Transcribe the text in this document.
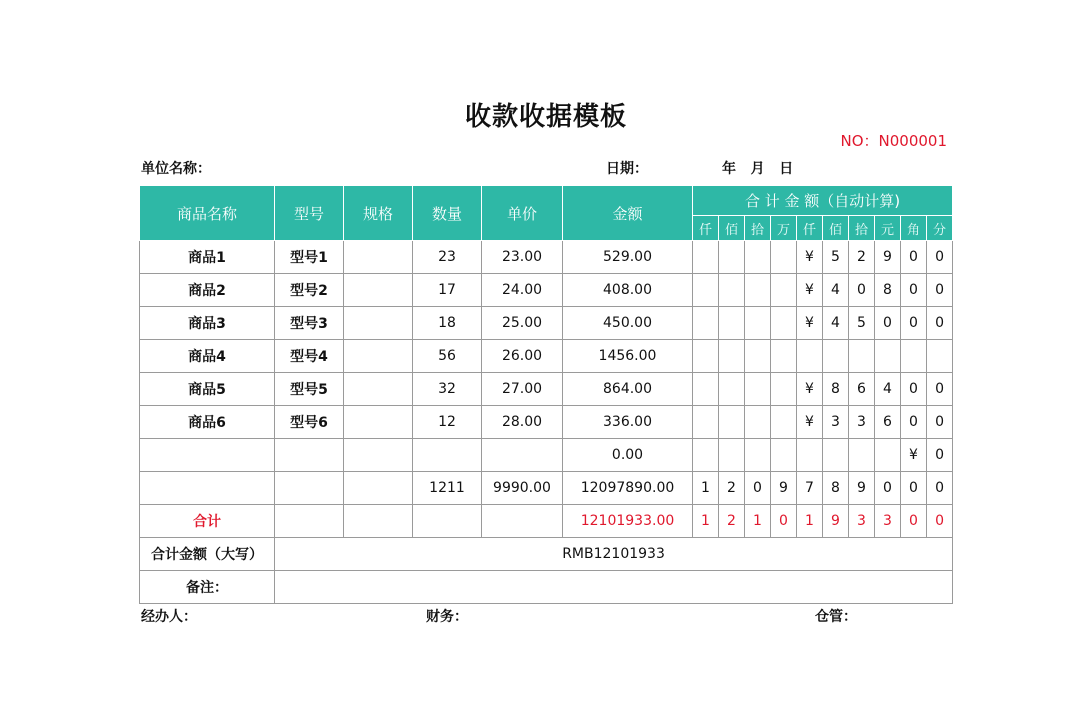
收款收据模板
NO：N000001
单位名称：	日期：	年   月   日
商品名称	型号	规格	数量	单价	金额	合 计 金 额（自动计算)									
						仟	佰	拾	万	仟	佰	拾	元	角	分
商品1	型号1		23	23.00	529.00					¥	5	2	9	0	0
商品2	型号2		17	24.00	408.00					¥	4	0	8	0	0
商品3	型号3		18	25.00	450.00					¥	4	5	0	0	0
商品4	型号4		56	26.00	1456.00										
商品5	型号5		32	27.00	864.00					¥	8	6	4	0	0
商品6	型号6		12	28.00	336.00					¥	3	3	6	0	0
					0.00									¥	0
			1211	9990.00	12097890.00	1	2	0	9	7	8	9	0	0	0
合计					12101933.00	1	2	1	0	1	9	3	3	0	0
合计金额（大写）	RMB12101933														
备注：															
经办人：	财务：	仓管：
